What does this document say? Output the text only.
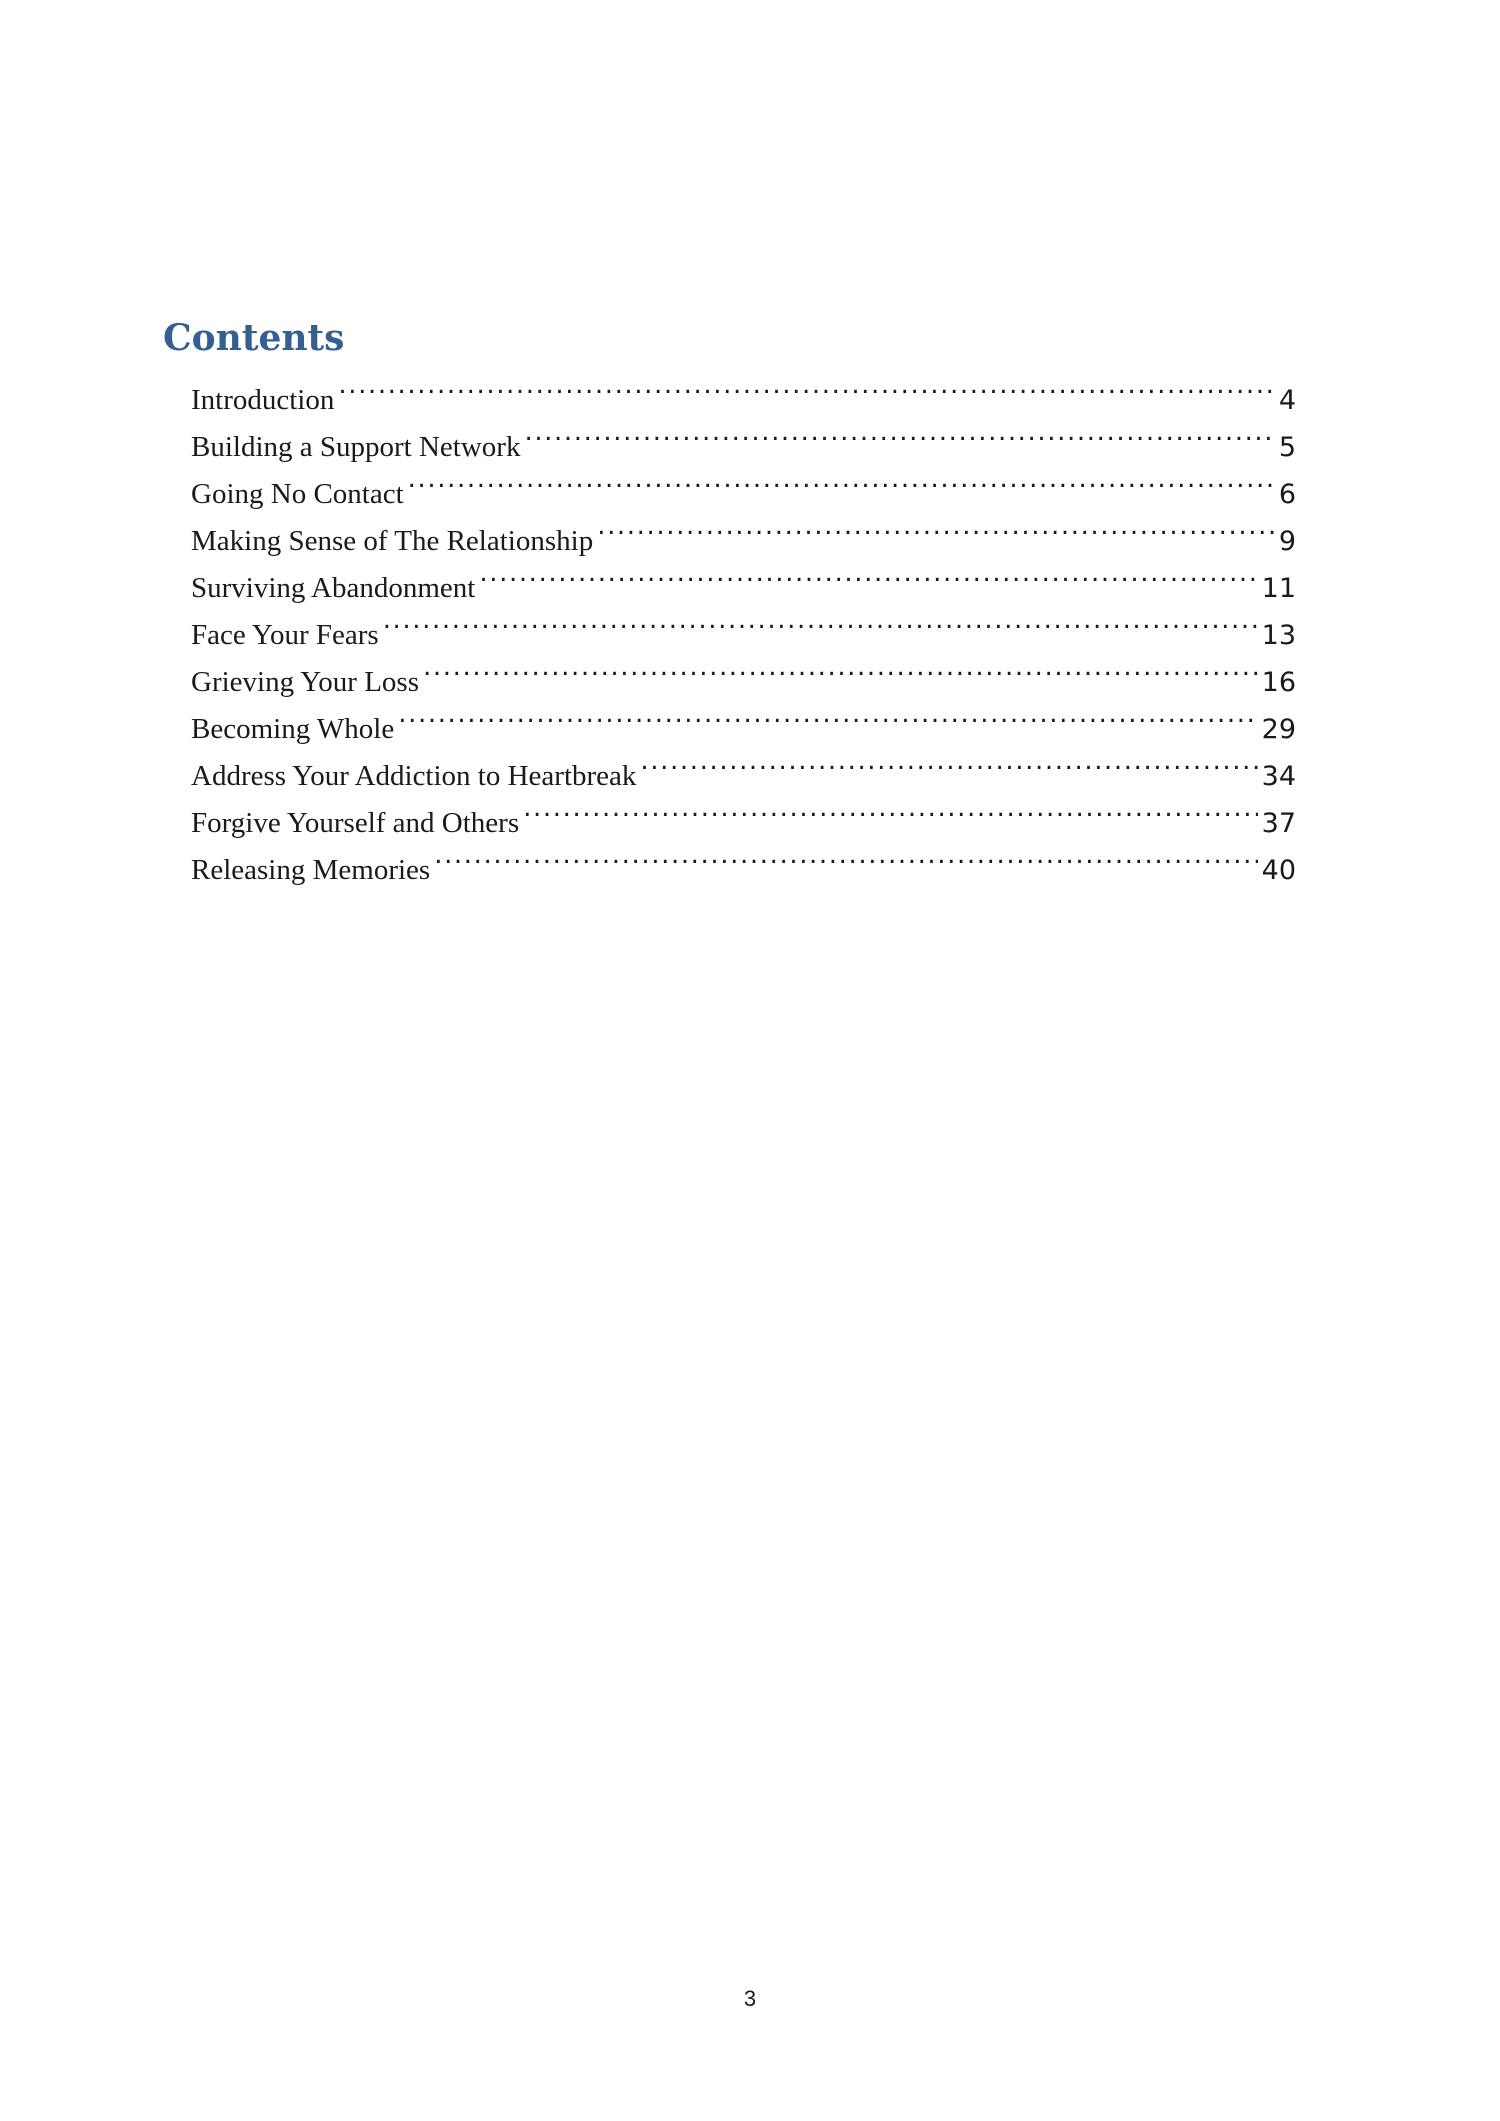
Contents
Introduction .....	4
Building a Support Network .....	5
Going No Contact .....	6
Making Sense of The Relationship .....	9
Surviving Abandonment .....	11
Face Your Fears .....	13
Grieving Your Loss .....	16
Becoming Whole .....	29
Address Your Addiction to Heartbreak .....	34
Forgive Yourself and Others .....	37
Releasing Memories .....	40
3
